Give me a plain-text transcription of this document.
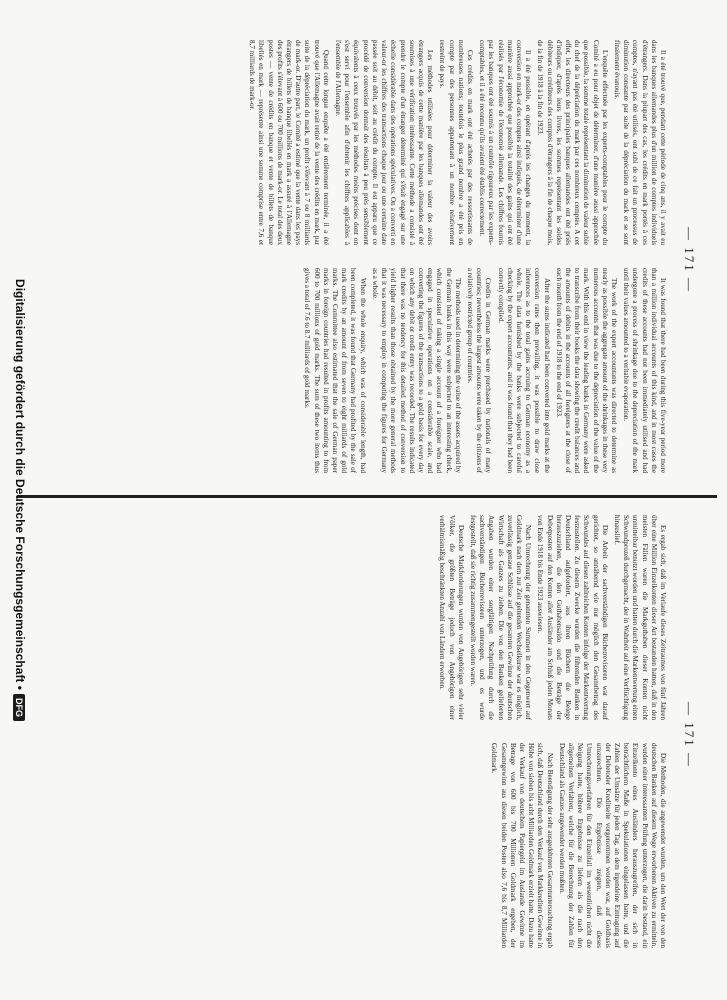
— 171 —

Il a été trouvé que, pendant cette période de cinq ans, il y avait eu dans les banques allemandes plus d'un million de comptes individuels d'étrangers. Dans la plupart des cas, les crédits en mark portés à ces comptes, n'ayant pas été utilisés, ont subi de ce fait un processus de diminution constante par suite de la dépréciation du mark et se sont finalement évanouis.

L'enquête effectuée par les experts-comptables pour le compte du Comité a eu pour objet de déterminer, d'une manière aussi approchée que possible, la somme totale représentant la diminution de valeur subie du chef de la dépréciation du mark par ces nombreux comptes. A cet effet, les directeurs des principales banques allemandes ont été priés d'indiquer, d'après leurs livres, les sommes représentant les soldes débiteurs ou créditeurs des comptes d'étrangers à la fin de chaque mois, de la fin de 1918 à la fin de 1923.

Il a été possible, en opérant d'après les changes du moment, la conversion en mark-or des comptes ainsi indiqués, de déterminer d'une manière aussi approchée que possible la totalité des gains qui ont été réalisés par l'économie de l'économie allemande. Les chiffres fournis par les banques ont été soumis à un contrôle rigoureux par les experts-comptables, et il a été reconnu qu'ils avaient été établis correctement.

Ces crédits en mark ont été achetés par des ressortissants de nombreuses nations; toutefois le plus grand nombre a été pris en compte par des personnes appartenant à un nombre relativement restreint de pays.

Les méthodes utilisées pour déterminer la valeur des avoirs étrangers acquis de cette manière par les banques allemandes ont été soumises à une vérification intéressante. Cette méthode a consisté à prendre le compte d'un étranger déterminé qui s'était engagé sur une échelle considérable dans des opérations spéculatives. On a converti en valeur-or les chiffres des transactions chaque jour ou une certaine date passée soit au débit, soit au crédit du compte. Il est apparu que ce procédé de conversion donnait des résultats à peu près sensiblement équivalents à ceux trouvés par les méthodes moins précises dont on s'est servi pour l'ensemble afin d'obtenir les chiffres applicables à l'ensemble de l'Allemagne.

Quand cette longue enquête a été entièrement terminée, il a été trouvé que l'Allemagne avait retiré de la vente des crédits en mark, par suite de la dépréciation du mark, un profit s'élevant à 7 ou 8 milliards de mark-or. D'autre part, le Comité a estimé que la vente dans les pays étrangers de billets de banque libellés en mark a assuré à l'Allemagne des profits s'élevant à 600 ou 700 millions de mark-or. Le total des deux postes — vente de crédits en banque et vente de billets de banque libellés en mark — représente ainsi une somme comprise entre 7,6 et 8,7 milliards de mark-or.

It was found that there had been during this five-year period more than a million individual accounts of this kind, and in most cases the credits of these accounts had not been immediately utilised and had undergone a process of shrinkage due to the depreciation of the mark until their values amounted to a veritable evaporation.

The work of the expert accountants was directed to determine as nearly as possible the aggregate amount of the shrinkages in these very numerous accounts that was due to the depreciation of the value of the mark. With this end in view the leading banks in Germany were asked to transcribe from their books the data showing the credit balances and the amounts of debits in the accounts of all foreigners at the close of each month from the end of 1918 to the end of 1923.

After the sums indicated had been converted into gold marks at the conversion rates then prevailing, it was possible to draw close inferences as to the total gains accruing to German economy as a whole. The data furnished by the banks were subjected to careful checking by the expert accountants, and it was found that they had been correctly compiled.

Credits in German marks were purchased by nationals of many countries; nevertheless the largest amounts were taken by the citizens of a relatively restricted group of countries.

The methods used in determining the value of the assets acquired by the German banks in this way were subjected to an interesting check, which consisted of taking a single account of a foreigner who had engaged in speculative operations on a considerable scale, and converting the figures of the transactions to a gold basis for every day on which any debit or credit entry was recorded. The results indicated that there was no tendency for this detailed method of conversion to yield higher results than those obtained by the more general methods that it was necessary to employ in computing the figures for Germany as a whole.

When the whole enquiry, which was of considerable length, had been completed, it was found that Germany had profited by the sale of mark credits by an amount of from seven to eight milliards of gold marks. The Committee also estimated that the sale of German paper marks in foreign countries had resulted in profits amounting to from 600 to 700 millions of gold marks. The sum of these two items thus gives a total of 7.6 to 8.7 milliards of gold marks.

— 171 —

Es ergab sich, daß im Verlaufe dieses Zeitraumes von fünf Jahren über eine Million Einzelkonten dieser Art bestanden hatten, daß in den meisten Fällen waren die Markguthaben dieser Konten nicht unmittelbar benutzt worden und hatten durch die Markentwertung einen Schwundprozeß durchgemacht, der in Wahrheit auf eine Verflüchtigung hinauslief.

Die Arbeit der sachverständigen Bücherrevisoren war darauf gerichtet, so annähernd wie nur möglich den Gesamtbetrag des Schwundes auf diesen zahlreichen Konten infolge der Markentwertung festzustellen. Zu diesem Zwecke wurden die führenden Banken in Deutschland aufgefordert, aus ihren Büchern die Belege herauszuziehen, die den Guthabensaldo und die Beträge der Debetposten auf den Konten aller Ausländer am Schluß jeden Monats von Ende 1918 bis Ende 1923 auswiesen.

Nach Umrechnung der genannten Summen in den Gegenwert auf Goldmark nach dem zur Zeit geltenden Wechselkurse war es möglich, zuverlässig genaue Schlüsse auf die gesamten Gewinne der deutschen Wirtschaft als Ganzes zu ziehen. Die von den Banken gelieferten Angaben wurden einer sorgfältigen Nachprüfung durch die sachverständigen Bücherrevisoren unterzogen, und es wurde festgestellt, daß sie richtig zusammengestellt worden waren.

Deutsche Markforderungen wurden von Angehörigen sehr vieler Völker, die größten Beträge jedoch von Angehörigen einer verhältnismäßig beschränkten Anzahl von Ländern erworben.

Die Methoden, die angewendet wurden, um den Wert der von den deutschen Banken auf diesem Wege erworbenen Aktiven zu ermitteln, wurden einer interessanten Prüfung unterzogen, die darin bestand, ein Einzelkonto eines Ausländers herauszugreifen, der sich in beträchtlichem Maße in Spekulationen eingelassen hatte, und die Zahlen der Umsätze für jeden Tag, an dem irgendeine Eintragung auf der Debetoder Kreditseite vorgenommen worden war, auf Goldbasis umzurechnen. Die Ergebnisse zeigten, daß dieses Umrechnungsverfahren für den Einzelfall im wesentlichen nicht die Neigung hatte, höhere Ergebnisse zu liefern als die nach den allgemeinen Verfahren, welche für die Berechnung der Zahlen für Deutschland als Ganzes angewendet werden mußten.

Nach Beendigung der sehr ausgedehnten Gesamtuntersuchung ergab sich, daß Deutschland durch den Verkauf von Markkrediten Gewinne in Höhe von sieben bis acht Milliarden Goldmark erzielt hatte. Dazu hatte der Verkauf von deutschem Papiergeld im Auslande Gewinne im Betrage von 600 bis 700 Millionen Goldmark ergeben, der Gesamtgewinn aus diesen beiden Posten also 7,6 bis 8,7 Milliarden Goldmark.

Digitalisierung gefördert durch die Deutsche Forschungsgemeinschaft •DFG
